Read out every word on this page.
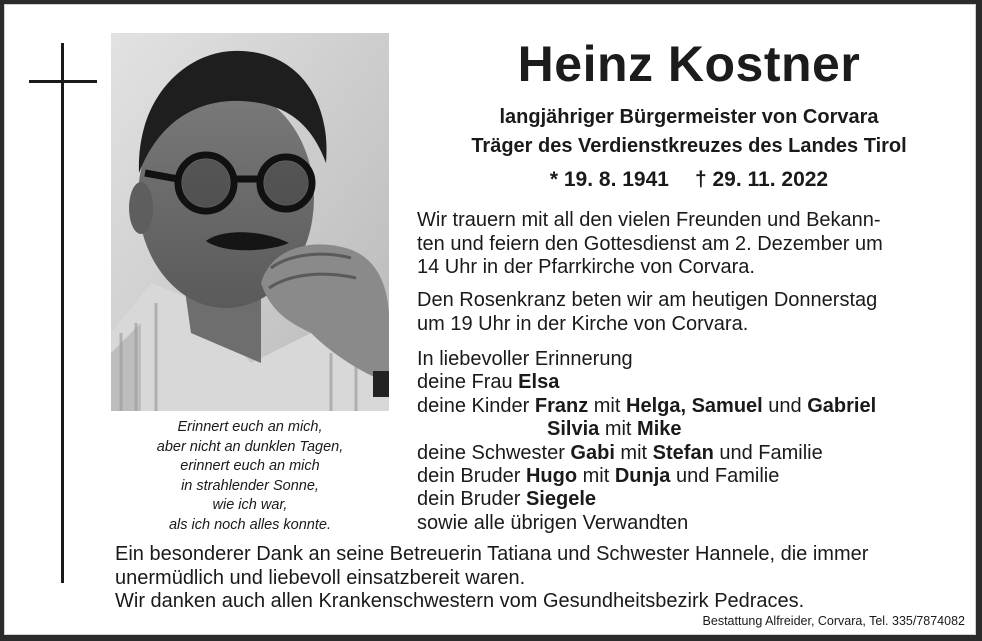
Erinnert euch an mich,
aber nicht an dunklen Tagen,
erinnert euch an mich
in strahlender Sonne,
wie ich war,
als ich noch alles konnte.
Heinz Kostner
langjähriger Bürgermeister von Corvara
Träger des Verdienstkreuzes des Landes Tirol
* 19. 8. 1941 † 29. 11. 2022
Wir trauern mit all den vielen Freunden und Bekann-
ten und feiern den Gottesdienst am 2. Dezember um
14 Uhr in der Pfarrkirche von Corvara.
Den Rosenkranz beten wir am heutigen Donnerstag
um 19 Uhr in der Kirche von Corvara.
In liebevoller Erinnerung
deine Frau Elsa
deine Kinder Franz mit Helga, Samuel und Gabriel
Silvia mit Mike
deine Schwester Gabi mit Stefan und Familie
dein Bruder Hugo mit Dunja und Familie
dein Bruder Siegele
sowie alle übrigen Verwandten
Ein besonderer Dank an seine Betreuerin Tatiana und Schwester Hannele, die immer
unermüdlich und liebevoll einsatzbereit waren.
Wir danken auch allen Krankenschwestern vom Gesundheitsbezirk Pedraces.
Bestattung Alfreider, Corvara, Tel. 335/7874082
